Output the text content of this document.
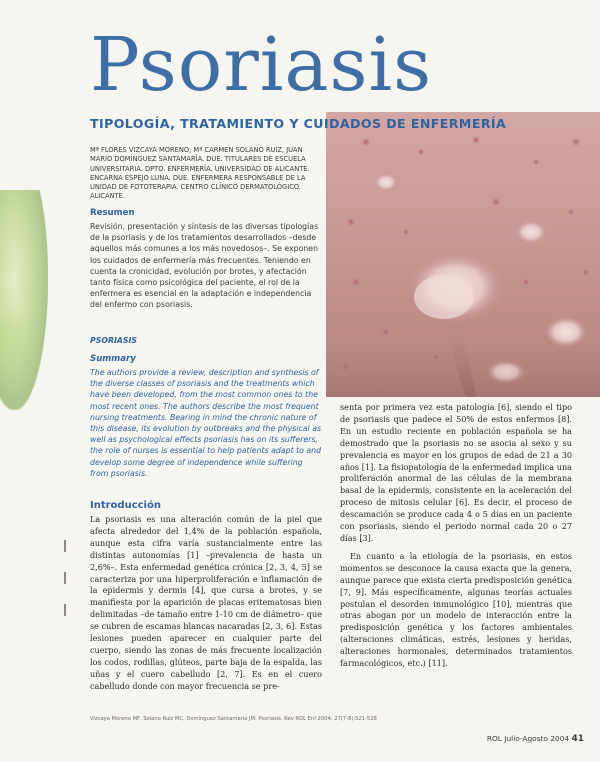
Psoriasis
TIPOLOGÍA, TRATAMIENTO Y CUIDADOS DE ENFERMERÍA

Mª FLORES VIZCAYA MORENO, Mª CARMEN SOLANO RUIZ, JUAN MARIO DOMÍNGUEZ SANTAMARÍA. DUE. TITULARES DE ESCUELA UNIVERSITARIA. DPTO. ENFERMERÍA. UNIVERSIDAD DE ALICANTE.

ENCARNA ESPEJO LUNA. DUE. ENFERMERA RESPONSABLE DE LA UNIDAD DE FOTOTERAPIA. CENTRO CLÍNICO DERMATOLÓGICO. ALICANTE.

Resumen
Revisión, presentación y síntesis de las diversas tipologías de la psoriasis y de los tratamientos desarrollados –desde aquellos más comunes a los más novedosos–. Se exponen los cuidados de enfermería más frecuentes. Teniendo en cuenta la cronicidad, evolución por brotes, y afectación tanto física como psicológica del paciente, el rol de la enfermera es esencial en la adaptación e independencia del enfermo con psoriasis.
PSORIASIS
Summary
The authors provide a review, description and synthesis of the diverse classes of psoriasis and the treatments which have been developed, from the most common ones to the most recent ones. The authors describe the most frequent nursing treatments. Bearing in mind the chronic nature of this disease, its evolution by outbreaks and the physical as well as psychological effects psoriasis has on its sufferers, the role of nurses is essential to help patients adapt to and develop some degree of independence while suffering from psoriasis.
Introducción

La psoriasis es una alteración común de la piel que afecta alrededor del 1,4% de la población española, aunque esta cifra varía sustancialmente entre las distintas autonomías [1] –prevalencia de hasta un 2,6%–. Esta enfermedad genética crónica [2, 3, 4, 5] se caracteriza por una hiperproliferación e inflamación de la epidermis y dermis [4], que cursa a brotes, y se manifiesta por la aparición de placas eritematosas bien delimitadas –de tamaño entre 1-10 cm de diámetro– que se cubren de escamas blancas nacaradas [2, 3, 6]. Estas lesiones pueden aparecer en cualquier parte del cuerpo, siendo las zonas de más frecuente localización los codos, rodillas, glúteos, parte baja de la espalda, las uñas y el cuero cabelludo [2, 7]. Es en el cuero cabelludo donde con mayor frecuencia se pre-

senta por primera vez esta patología [6], siendo el tipo de psoriasis que padece el 50% de estos enfermos [8]. En un estudio reciente en población española se ha demostrado que la psoriasis no se asocia al sexo y su prevalencia es mayor en los grupos de edad de 21 a 30 años [1]. La fisiopatología de la enfermedad implica una proliferación anormal de las células de la membrana basal de la epidermis, consistente en la aceleración del proceso de mitosis celular [6]. Es decir, el proceso de descamación se produce cada 4 o 5 días en un paciente con psoriasis, siendo el periodo normal cada 20 o 27 días [3].

En cuanto a la etiología de la psoriasis, en estos momentos se desconoce la causa exacta que la genera, aunque parece que exista cierta predisposición genética [7, 9]. Más específicamente, algunas teorías actuales postulan el desorden inmunológico [10], mientras que otras abogan por un modelo de interacción entre la predisposición genética y los factores ambientales (alteraciones climáticas, estrés, lesiones y heridas, alteraciones hormonales, determinados tratamientos farmacológicos, etc.) [11].

Vizcaya Moreno MF, Solano Ruiz MC, Domínguez Santamaría JM. Psoriasis. Rev ROL Enf 2004; 27(7-8):521-528
ROL Julio-Agosto 2004 41
